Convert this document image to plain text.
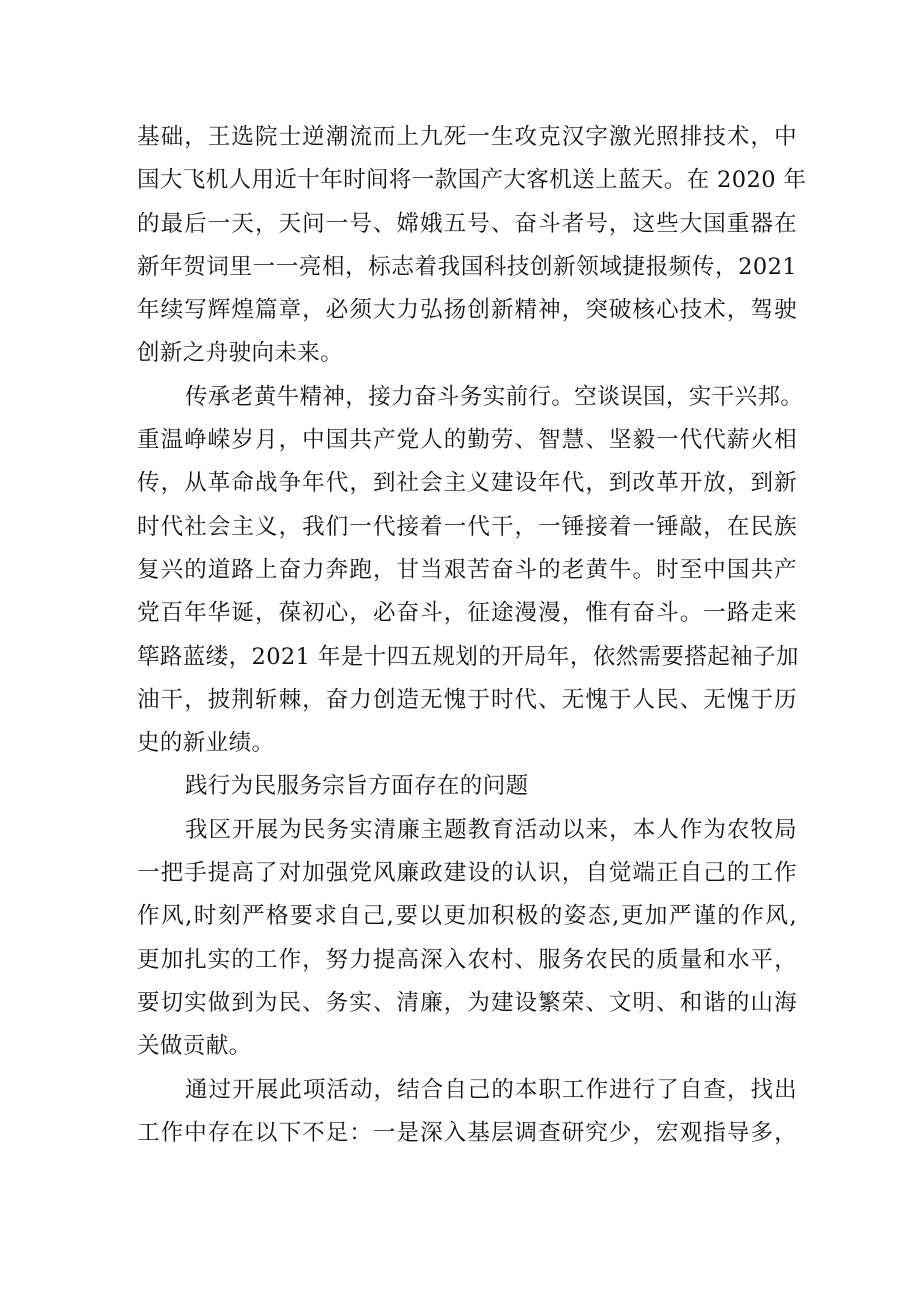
基础，王选院士逆潮流而上九死一生攻克汉字激光照排技术，中
国大飞机人用近十年时间将一款国产大客机送上蓝天。在 2020 年
的最后一天，天问一号、嫦娥五号、奋斗者号，这些大国重器在
新年贺词里一一亮相，标志着我国科技创新领域捷报频传，2021
年续写辉煌篇章，必须大力弘扬创新精神，突破核心技术，驾驶
创新之舟驶向未来。
传承老黄牛精神，接力奋斗务实前行。空谈误国，实干兴邦。
重温峥嵘岁月，中国共产党人的勤劳、智慧、坚毅一代代薪火相
传，从革命战争年代，到社会主义建设年代，到改革开放，到新
时代社会主义，我们一代接着一代干，一锤接着一锤敲，在民族
复兴的道路上奋力奔跑，甘当艰苦奋斗的老黄牛。时至中国共产
党百年华诞，葆初心，必奋斗，征途漫漫，惟有奋斗。一路走来
筚路蓝缕，2021 年是十四五规划的开局年，依然需要搭起袖子加
油干，披荆斩棘，奋力创造无愧于时代、无愧于人民、无愧于历
史的新业绩。
践行为民服务宗旨方面存在的问题
我区开展为民务实清廉主题教育活动以来，本人作为农牧局
一把手提高了对加强党风廉政建设的认识，自觉端正自己的工作
作风,时刻严格要求自己,要以更加积极的姿态,更加严谨的作风,
更加扎实的工作，努力提高深入农村、服务农民的质量和水平，
要切实做到为民、务实、清廉，为建设繁荣、文明、和谐的山海
关做贡献。
通过开展此项活动，结合自己的本职工作进行了自查，找出
工作中存在以下不足：一是深入基层调查研究少，宏观指导多，
